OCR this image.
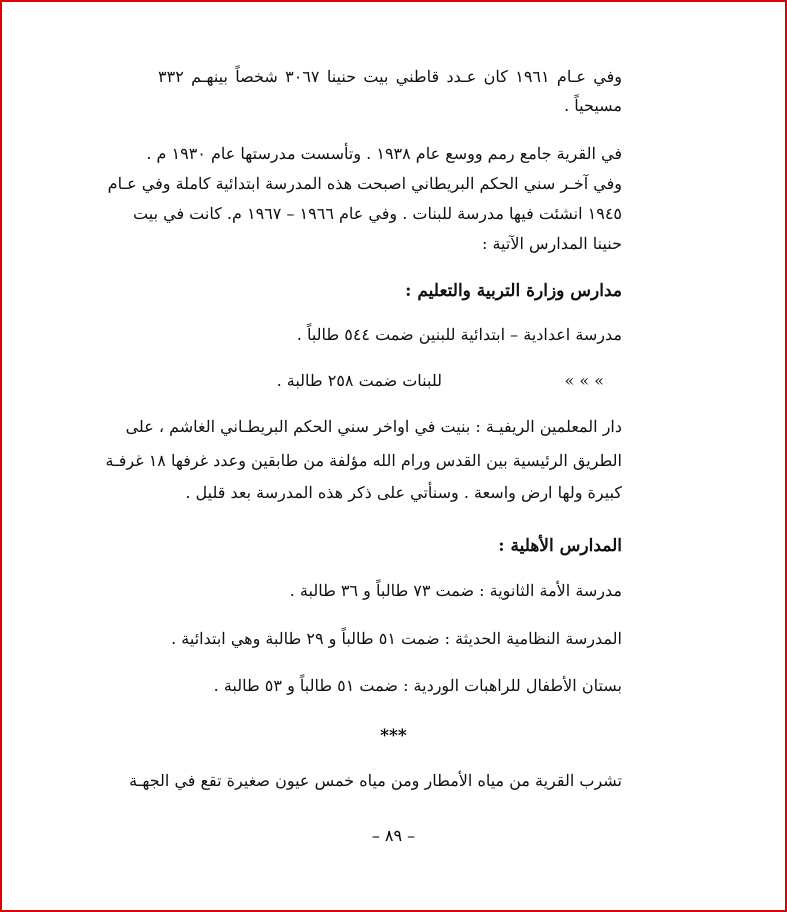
وفي عـام ١٩٦١ كان عـدد قاطني بيت حنينا ٣٠٦٧ شخصاً بينهـم ٣٣٢
مسيحياً .
في القرية جامع رمم ووسع عام ١٩٣٨ . وتأسست مدرستها عام ١٩٣٠ م .
وفي آخـر سني الحكم البريطاني اصبحت هذه المدرسة ابتدائية كاملة وفي عـام
١٩٤٥ انشئت فيها مدرسة للبنات . وفي عام ١٩٦٦ – ١٩٦٧ م. كانت في بيت
حنينا المدارس الآتية :
مدارس وزارة التربية والتعليم :
مدرسة اعدادية – ابتدائية للبنين ضمت ٥٤٤ طالباً .
» » »
للبنات ضمت ٢٥٨ طالبة .
دار المعلمين الريفيـة : بنيت في اواخر سني الحكم البريطـاني الغاشم ، على
الطريق الرئيسية بين القدس ورام الله مؤلفة من طابقين وعدد غرفها ١٨ غرفـة
كبيرة ولها ارض واسعة . وسنأتي على ذكر هذه المدرسة بعد قليل .
المدارس الأهلية :
مدرسة الأمة الثانوية : ضمت ٧٣ طالباً و ٣٦ طالبة .
المدرسة النظامية الحديثة : ضمت ٥١ طالباً و ٢٩ طالبة وهي ابتدائية .
بستان الأطفال للراهبات الوردية : ضمت ٥١ طالباً و ٥٣ طالبة .
***
تشرب القرية من مياه الأمطار ومن مياه خمس عيون صغيرة تقع في الجهـة
– ٨٩ –
